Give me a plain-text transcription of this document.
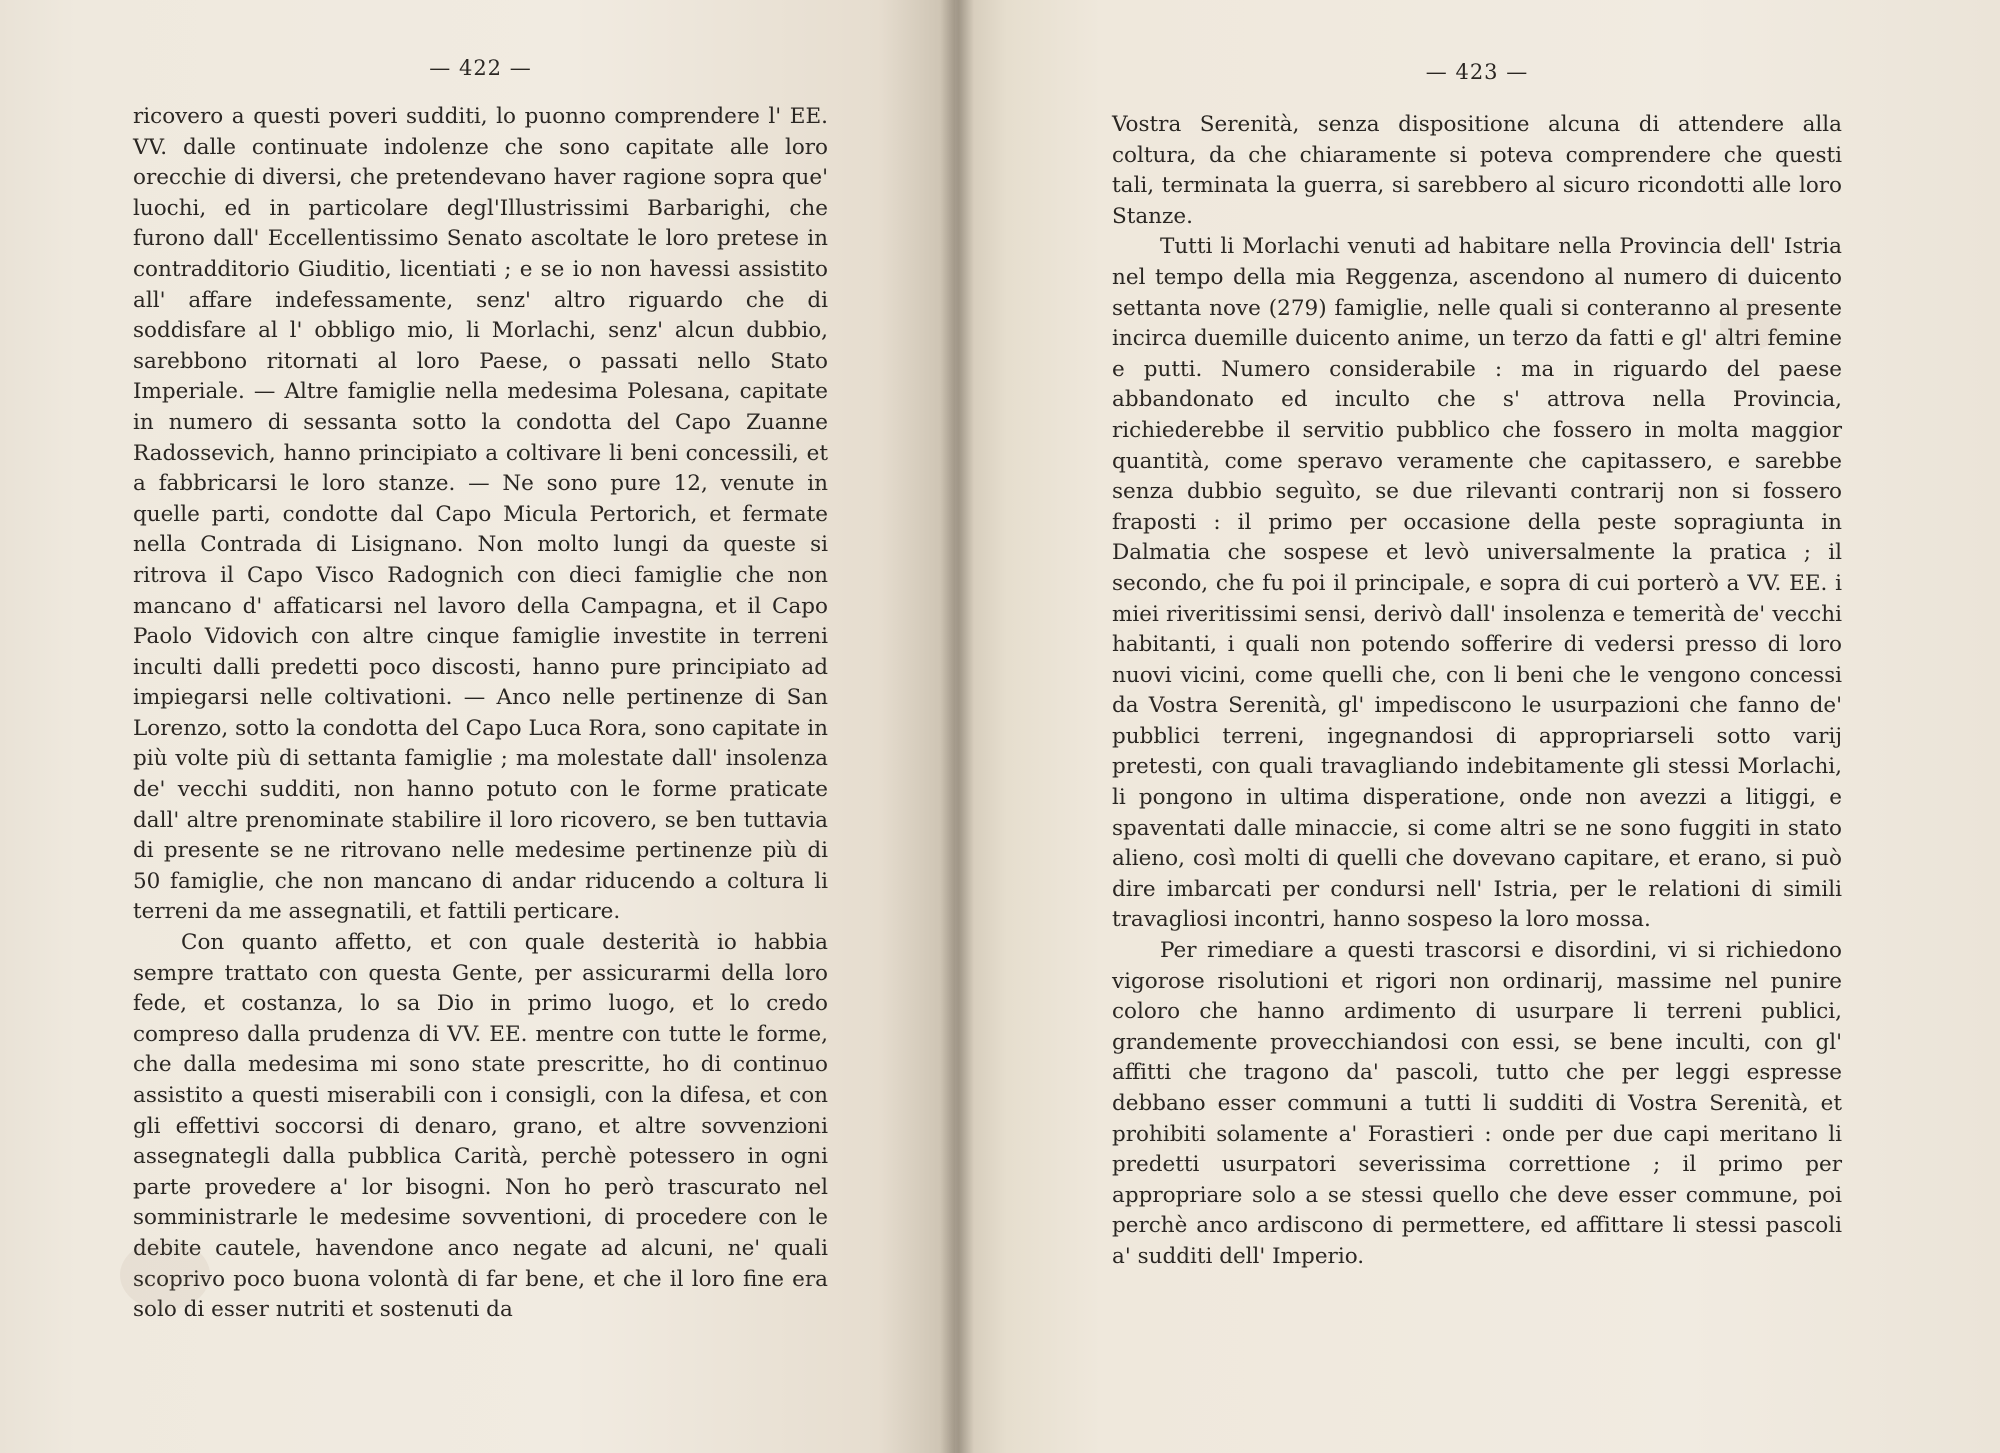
— 422 —

ricovero a questi poveri sudditi, lo puonno comprendere l' EE. VV. dalle continuate indolenze che sono capitate alle loro orecchie di diversi, che pretendevano haver ragione sopra que' luochi, ed in particolare degl'Illustrissimi Barbarighi, che furono dall' Eccellentissimo Senato ascoltate le loro pretese in contradditorio Giuditio, licentiati ; e se io non havessi assistito all' affare indefessamente, senz' altro riguardo che di soddisfare al l' obbligo mio, li Morlachi, senz' alcun dubbio, sarebbono ritornati al loro Paese, o passati nello Stato Imperiale. — Altre famiglie nella medesima Polesana, capitate in numero di sessanta sotto la condotta del Capo Zuanne Radossevich, hanno principiato a coltivare li beni concessili, et a fabbricarsi le loro stanze. — Ne sono pure 12, venute in quelle parti, condotte dal Capo Micula Pertorich, et fermate nella Contrada di Lisignano. Non molto lungi da queste si ritrova il Capo Visco Radognich con dieci famiglie che non mancano d' affaticarsi nel lavoro della Campagna, et il Capo Paolo Vidovich con altre cinque famiglie investite in terreni inculti dalli predetti poco discosti, hanno pure principiato ad impiegarsi nelle coltivationi. — Anco nelle pertinenze di San Lorenzo, sotto la condotta del Capo Luca Rora, sono capitate in più volte più di settanta famiglie ; ma molestate dall' insolenza de' vecchi sudditi, non hanno potuto con le forme praticate dall' altre prenominate stabilire il loro ricovero, se ben tuttavia di presente se ne ritrovano nelle medesime pertinenze più di 50 famiglie, che non mancano di andar riducendo a coltura li terreni da me assegnatili, et fattili perticare.

Con quanto affetto, et con quale desterità io habbia sempre trattato con questa Gente, per assicurarmi della loro fede, et costanza, lo sa Dio in primo luogo, et lo credo compreso dalla prudenza di VV. EE. mentre con tutte le forme, che dalla medesima mi sono state prescritte, ho di continuo assistito a questi miserabili con i consigli, con la difesa, et con gli effettivi soccorsi di denaro, grano, et altre sovvenzioni assegnategli dalla pubblica Carità, perchè potessero in ogni parte provedere a' lor bisogni. Non ho però trascurato nel somministrarle le medesime sovventioni, di procedere con le debite cautele, havendone anco negate ad alcuni, ne' quali scoprivo poco buona volontà di far bene, et che il loro fine era solo di esser nutriti et sostenuti da

— 423 —

Vostra Serenità, senza dispositione alcuna di attendere alla coltura, da che chiaramente si poteva comprendere che questi tali, terminata la guerra, si sarebbero al sicuro ricondotti alle loro Stanze.

Tutti li Morlachi venuti ad habitare nella Provincia dell' Istria nel tempo della mia Reggenza, ascendono al numero di duicento settanta nove (279) famiglie, nelle quali si conteranno al presente incirca duemille duicento anime, un terzo da fatti e gl' altri femine e putti. Numero considerabile : ma in riguardo del paese abbandonato ed inculto che s' attrova nella Provincia, richiederebbe il servitio pubblico che fossero in molta maggior quantità, come speravo veramente che capitassero, e sarebbe senza dubbio seguìto, se due rilevanti contrarij non si fossero fraposti : il primo per occasione della peste sopragiunta in Dalmatia che sospese et levò universalmente la pratica ; il secondo, che fu poi il principale, e sopra di cui porterò a VV. EE. i miei riveritissimi sensi, derivò dall' insolenza e temerità de' vecchi habitanti, i quali non potendo sofferire di vedersi presso di loro nuovi vicini, come quelli che, con li beni che le vengono concessi da Vostra Serenità, gl' impediscono le usurpazioni che fanno de' pubblici terreni, ingegnandosi di appropriarseli sotto varij pretesti, con quali travagliando indebitamente gli stessi Morlachi, li pongono in ultima disperatione, onde non avezzi a litiggi, e spaventati dalle minaccie, si come altri se ne sono fuggiti in stato alieno, così molti di quelli che dovevano capitare, et erano, si può dire imbarcati per condursi nell' Istria, per le relationi di simili travagliosi incontri, hanno sospeso la loro mossa.

Per rimediare a questi trascorsi e disordini, vi si richiedono vigorose risolutioni et rigori non ordinarij, massime nel punire coloro che hanno ardimento di usurpare li terreni publici, grandemente provecchiandosi con essi, se bene inculti, con gl' affitti che tragono da' pascoli, tutto che per leggi espresse debbano esser communi a tutti li sudditi di Vostra Serenità, et prohibiti solamente a' Forastieri : onde per due capi meritano li predetti usurpatori severissima correttione ; il primo per appropriare solo a se stessi quello che deve esser commune, poi perchè anco ardiscono di permettere, ed affittare li stessi pascoli a' sudditi dell' Imperio.
